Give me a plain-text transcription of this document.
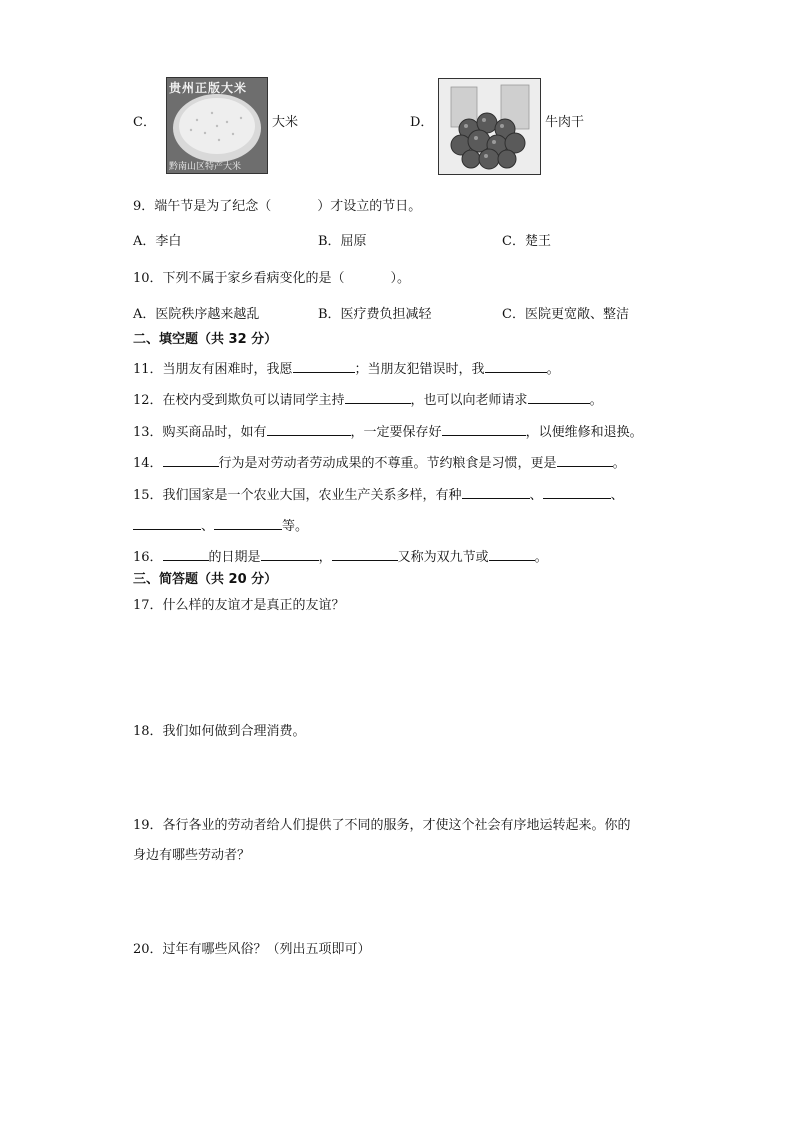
C．
贵州正版大米
黔南山区特产大米
大米	D．	牛肉干
9．端午节是为了纪念（	）才设立的节日。
A．李白	B．屈原	C．楚王
10．下列不属于家乡看病变化的是（	）。
A．医院秩序越来越乱	B．医疗费负担减轻	C．医院更宽敞、整洁
二、填空题（共 32 分）
11．当朋友有困难时，我愿	；当朋友犯错误时，我	。
12．在校内受到欺负可以请同学主持	，也可以向老师请求	。
13．购买商品时，如有	，一定要保存好	，以便维修和退换。
14．	行为是对劳动者劳动成果的不尊重。节约粮食是习惯，更是	。
15．我们国家是一个农业大国，农业生产关系多样，有种	、	、
、	等。
16．	的日期是	，	又称为双九节或	。
三、简答题（共 20 分）
17．什么样的友谊才是真正的友谊？
18．我们如何做到合理消费。
19．各行各业的劳动者给人们提供了不同的服务，才使这个社会有序地运转起来。你的
身边有哪些劳动者？
20．过年有哪些风俗？（列出五项即可）
